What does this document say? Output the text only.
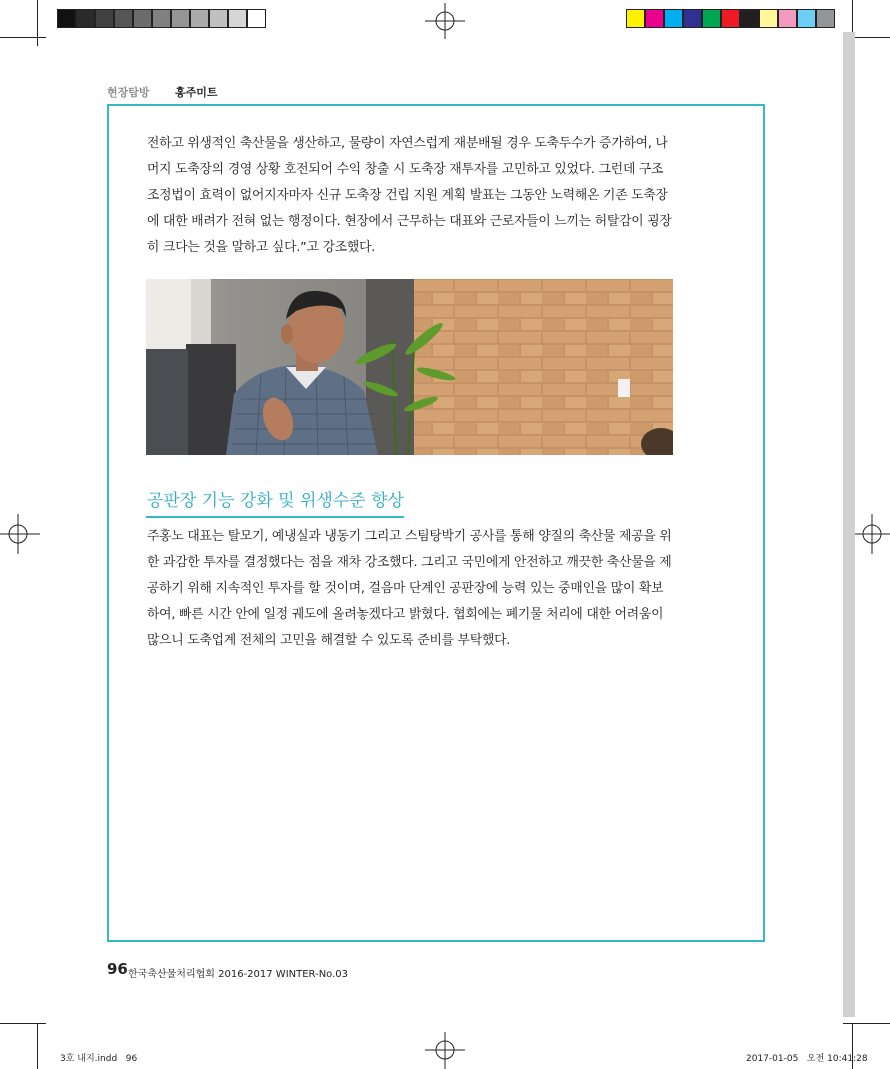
현장탐방 홍주미트
전하고 위생적인 축산물을 생산하고, 물량이 자연스럽게 재분배될 경우 도축두수가 증가하여, 나머지 도축장의 경영 상황 호전되어 수익 창출 시 도축장 재투자를 고민하고 있었다. 그런데 구조조정법이 효력이 없어지자마자 신규 도축장 건립 지원 계획 발표는 그동안 노력해온 기존 도축장에 대한 배려가 전혀 없는 행정이다. 현장에서 근무하는 대표와 근로자들이 느끼는 허탈감이 굉장히 크다는 것을 말하고 싶다.”고 강조했다.
공판장 기능 강화 및 위생수준 향상
주홍노 대표는 탈모기, 예냉실과 냉동기 그리고 스팀탕박기 공사를 통해 양질의 축산물 제공을 위한 과감한 투자를 결정했다는 점을 재차 강조했다. 그리고 국민에게 안전하고 깨끗한 축산물을 제공하기 위해 지속적인 투자를 할 것이며, 걸음마 단계인 공판장에 능력 있는 중매인을 많이 확보하여, 빠른 시간 안에 일정 궤도에 올려놓겠다고 밝혔다. 협회에는 폐기물 처리에 대한 어려움이 많으니 도축업계 전체의 고민을 해결할 수 있도록 준비를 부탁했다.
96 한국축산물처리협회 2016-2017 WINTER-No.03
3호 내지.indd   96	2017-01-05   오전 10:41:28
